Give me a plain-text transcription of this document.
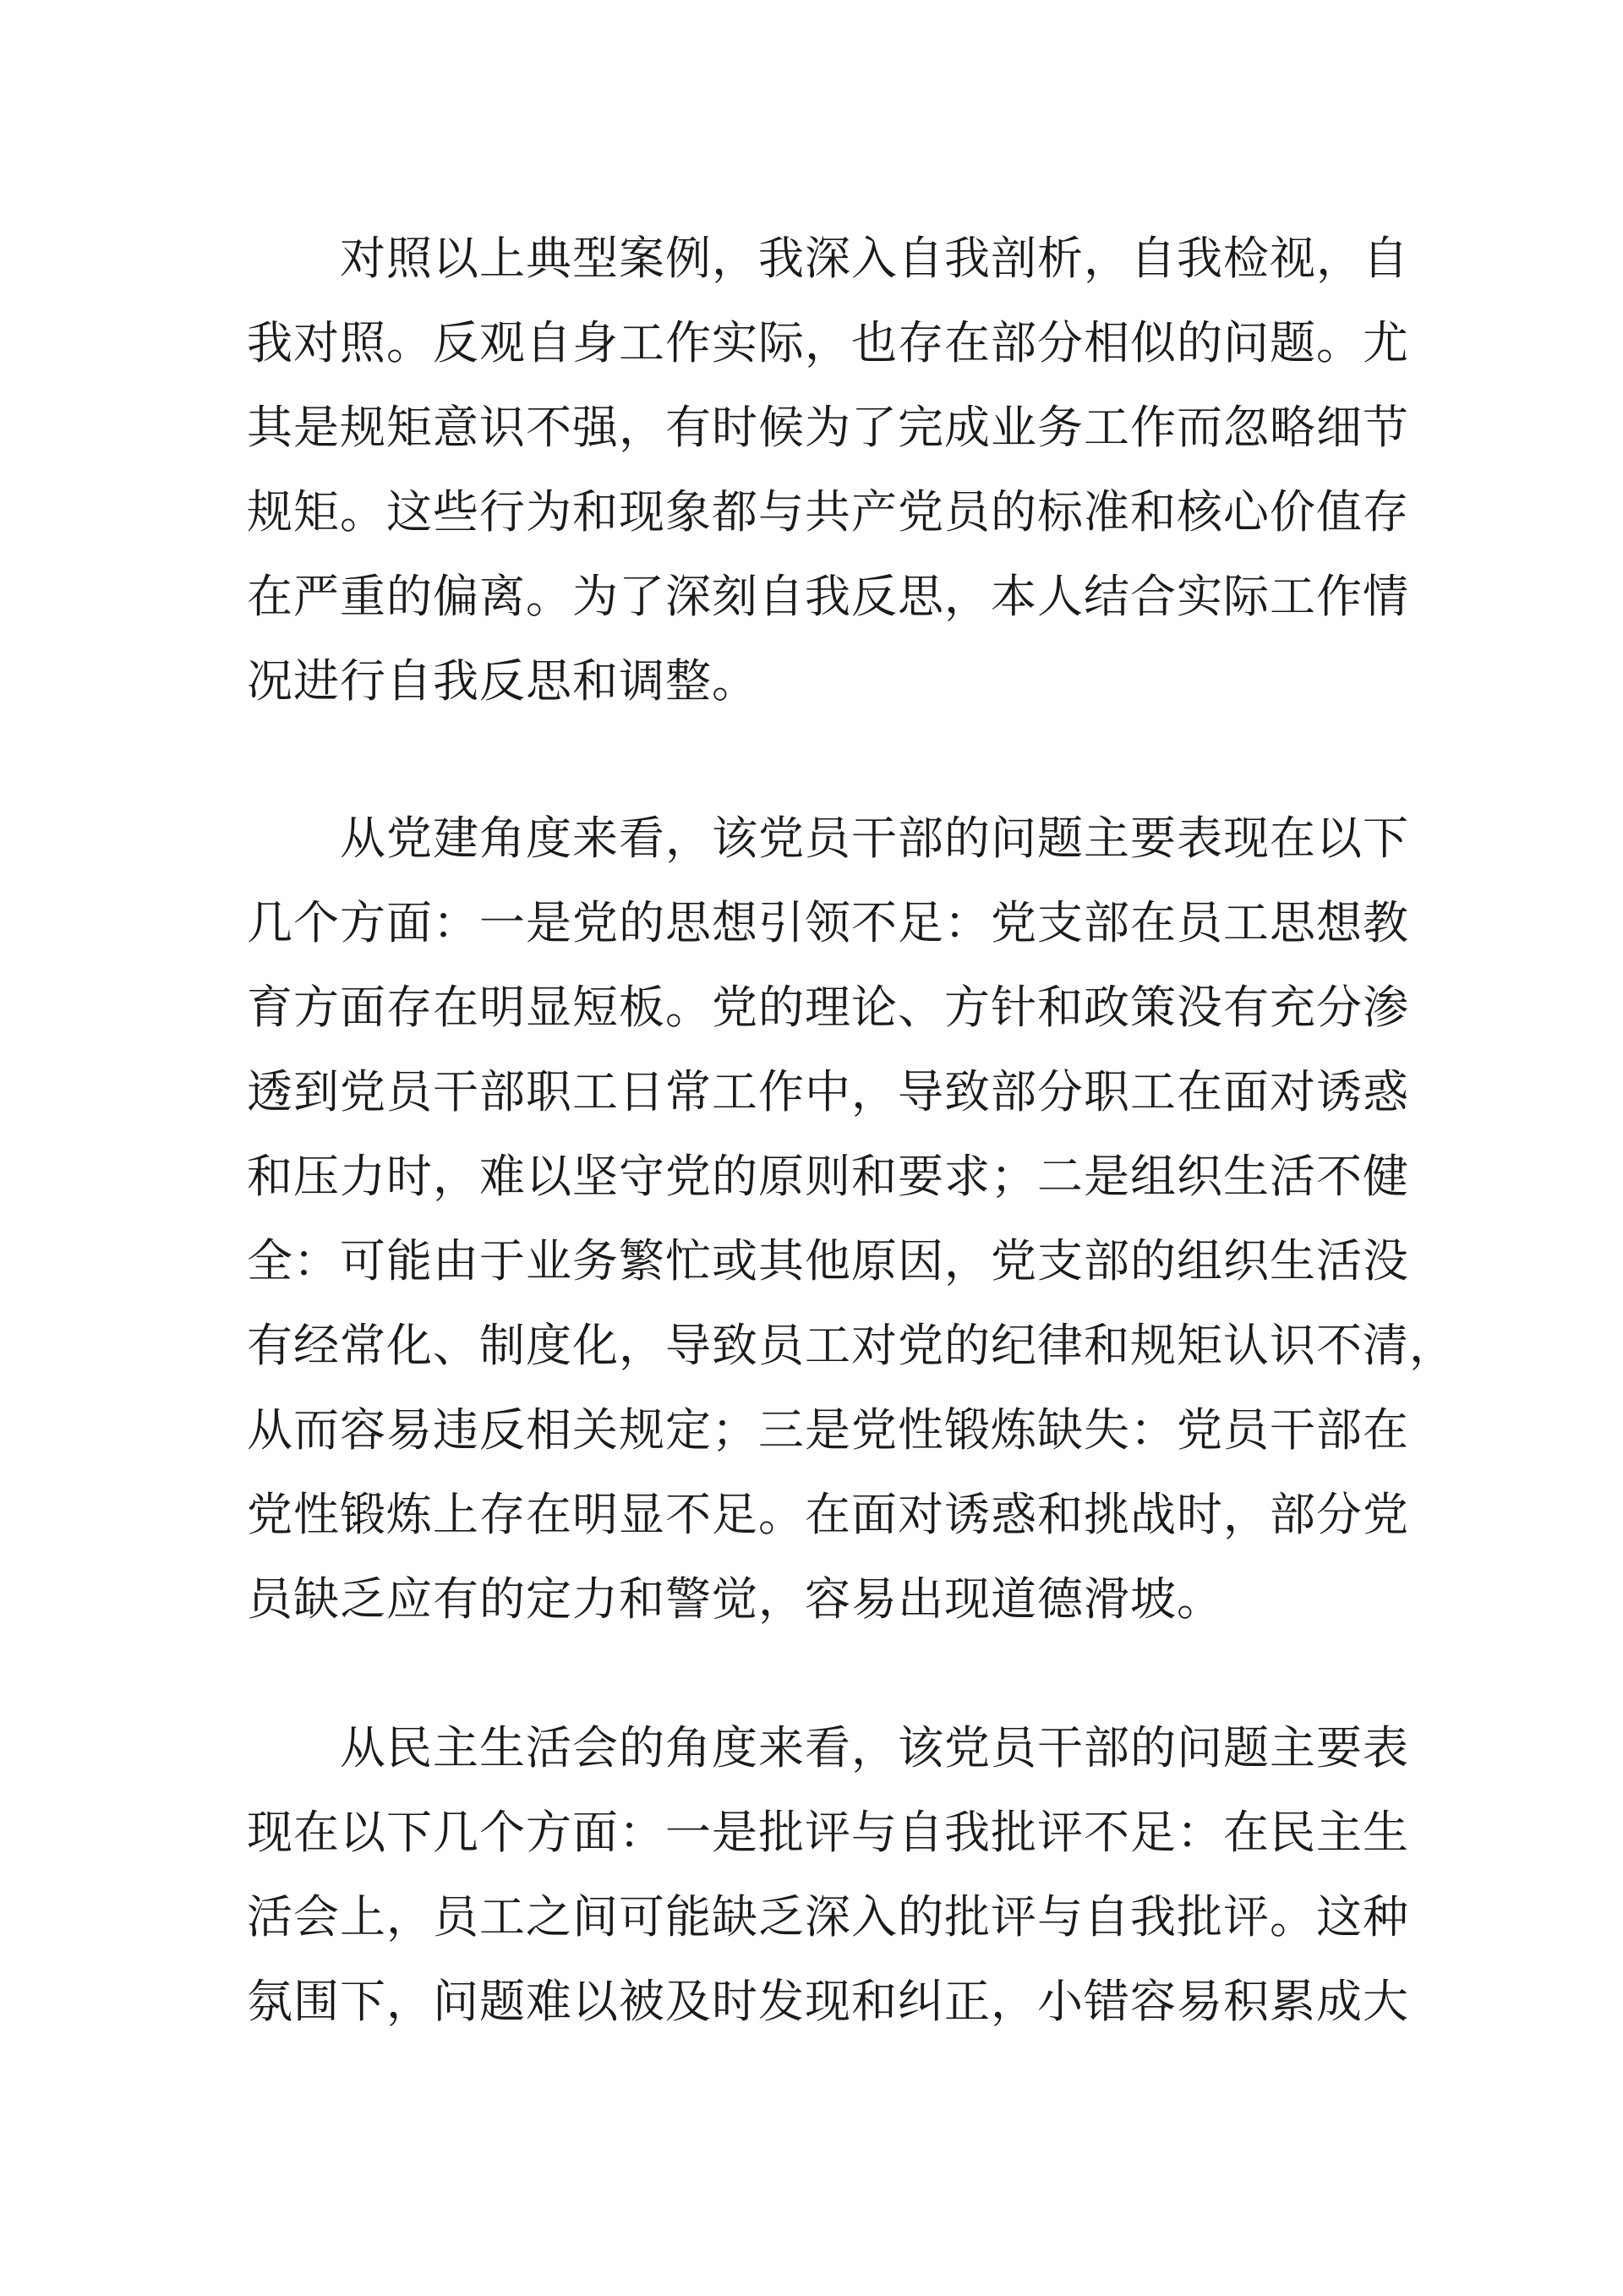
对照以上典型案例，我深入自我剖析，自我检视，自
我对照。反观自身工作实际，也存在部分相似的问题。尤
其是规矩意识不强，有时候为了完成业务工作而忽略细节
规矩。这些行为和现象都与共产党员的标准和核心价值存
在严重的偏离。为了深刻自我反思，本人结合实际工作情
况进行自我反思和调整。
从党建角度来看，该党员干部的问题主要表现在以下
几个方面：一是党的思想引领不足：党支部在员工思想教
育方面存在明显短板。党的理论、方针和政策没有充分渗
透到党员干部职工日常工作中，导致部分职工在面对诱惑
和压力时，难以坚守党的原则和要求；二是组织生活不健
全：可能由于业务繁忙或其他原因，党支部的组织生活没
有经常化、制度化，导致员工对党的纪律和规矩认识不清，
从而容易违反相关规定；三是党性锻炼缺失：党员干部在
党性锻炼上存在明显不足。在面对诱惑和挑战时，部分党
员缺乏应有的定力和警觉，容易出现道德滑坡。
从民主生活会的角度来看，该党员干部的问题主要表
现在以下几个方面：一是批评与自我批评不足：在民主生
活会上，员工之间可能缺乏深入的批评与自我批评。这种
氛围下，问题难以被及时发现和纠正，小错容易积累成大
